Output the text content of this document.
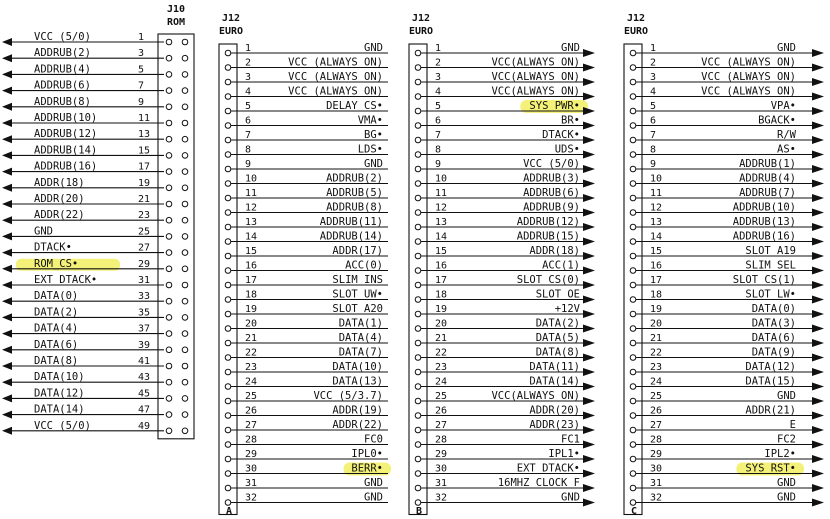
J10
ROM
VCC (5/0)	1
ADDRUB(2)	3
ADDRUB(4)	5
ADDRUB(6)	7
ADDRUB(8)	9
ADDRUB(10)	11
ADDRUB(12)	13
ADDRUB(14)	15
ADDRUB(16)	17
ADDR(18)	19
ADDR(20)	21
ADDR(22)	23
GND	25
DTACK•	27
ROM_CS•	29
EXT_DTACK•	31
DATA(0)	33
DATA(2)	35
DATA(4)	37
DATA(6)	39
DATA(8)	41
DATA(10)	43
DATA(12)	45
DATA(14)	47
VCC (5/0)	49
J12
EURO
A
1	GND
2	VCC (ALWAYS ON)
3	VCC (ALWAYS ON)
4	VCC (ALWAYS ON)
5	DELAY_CS•
6	VMA•
7	BG•
8	LDS•
9	GND
10	ADDRUB(2)
11	ADDRUB(5)
12	ADDRUB(8)
13	ADDRUB(11)
14	ADDRUB(14)
15	ADDR(17)
16	ACC(0)
17	SLIM_INS
18	SLOT_UW•
19	SLOT_A20
20	DATA(1)
21	DATA(4)
22	DATA(7)
23	DATA(10)
24	DATA(13)
25	VCC (5/3.7)
26	ADDR(19)
27	ADDR(22)
28	FC0
29	IPL0•
30	BERR•
31	GND
32	GND
J12
EURO
B
1	GND
2	VCC(ALWAYS ON)
3	VCC(ALWAYS ON)
4	VCC(ALWAYS ON)
5	SYS_PWR•
6	BR•
7	DTACK•
8	UDS•
9	VCC (5/0)
10	ADDRUB(3)
11	ADDRUB(6)
12	ADDRUB(9)
13	ADDRUB(12)
14	ADDRUB(15)
15	ADDR(18)
16	ACC(1)
17	SLOT_CS(0)
18	SLOT_OE
19	+12V
20	DATA(2)
21	DATA(5)
22	DATA(8)
23	DATA(11)
24	DATA(14)
25	VCC(ALWAYS ON)
26	ADDR(20)
27	ADDR(23)
28	FC1
29	IPL1•
30	EXT_DTACK•
31	16MHZ_CLOCK_F
32	GND
J12
EURO
C
1	GND
2	VCC (ALWAYS ON)
3	VCC (ALWAYS ON)
4	VCC (ALWAYS ON)
5	VPA•
6	BGACK•
7	R/W
8	AS•
9	ADDRUB(1)
10	ADDRUB(4)
11	ADDRUB(7)
12	ADDRUB(10)
13	ADDRUB(13)
14	ADDRUB(16)
15	SLOT_A19
16	SLIM_SEL
17	SLOT_CS(1)
18	SLOT_LW•
19	DATA(0)
20	DATA(3)
21	DATA(6)
22	DATA(9)
23	DATA(12)
24	DATA(15)
25	GND
26	ADDR(21)
27	E
28	FC2
29	IPL2•
30	SYS_RST•
31	GND
32	GND
